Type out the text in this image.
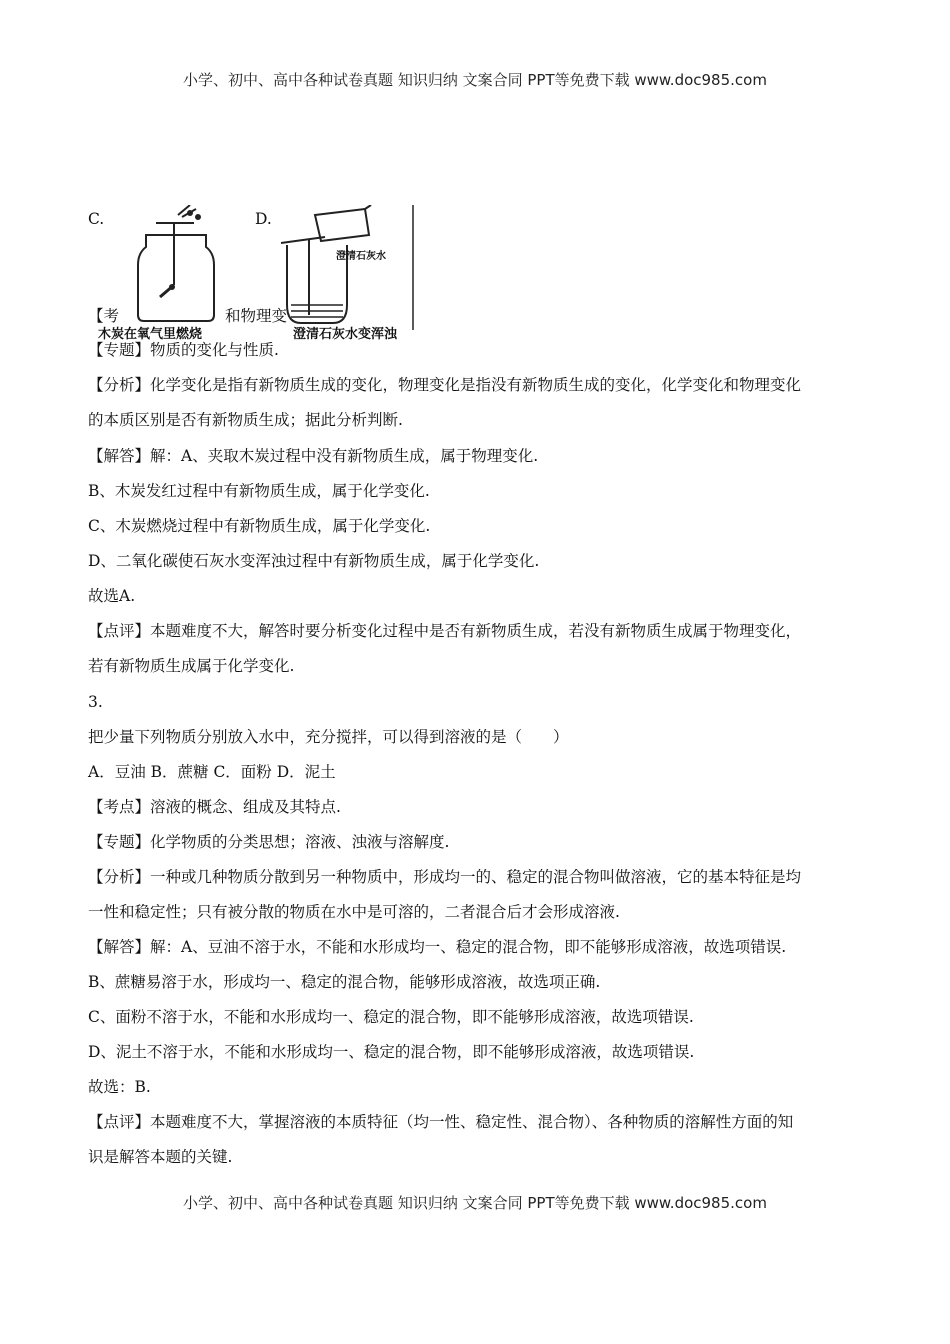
小学、初中、高中各种试卷真题 知识归纳 文案合同 PPT等免费下载 www.doc985.com
C.	D.
木炭在氧气里燃烧
澄清石灰水
澄清石灰水变浑浊
【考	和物理变
【专题】物质的变化与性质.
【分析】化学变化是指有新物质生成的变化，物理变化是指没有新物质生成的变化，化学变化和物理变化
的本质区别是否有新物质生成；据此分析判断.
【解答】解：A、夹取木炭过程中没有新物质生成，属于物理变化.
B、木炭发红过程中有新物质生成，属于化学变化.
C、木炭燃烧过程中有新物质生成，属于化学变化.
D、二氧化碳使石灰水变浑浊过程中有新物质生成，属于化学变化.
故选A.
【点评】本题难度不大，解答时要分析变化过程中是否有新物质生成，若没有新物质生成属于物理变化，
若有新物质生成属于化学变化.
3.
把少量下列物质分别放入水中，充分搅拌，可以得到溶液的是（　　）
A．豆油 B．蔗糖 C．面粉 D．泥土
【考点】溶液的概念、组成及其特点.
【专题】化学物质的分类思想；溶液、浊液与溶解度.
【分析】一种或几种物质分散到另一种物质中，形成均一的、稳定的混合物叫做溶液，它的基本特征是均
一性和稳定性；只有被分散的物质在水中是可溶的，二者混合后才会形成溶液.
【解答】解：A、豆油不溶于水，不能和水形成均一、稳定的混合物，即不能够形成溶液，故选项错误.
B、蔗糖易溶于水，形成均一、稳定的混合物，能够形成溶液，故选项正确.
C、面粉不溶于水，不能和水形成均一、稳定的混合物，即不能够形成溶液，故选项错误.
D、泥土不溶于水，不能和水形成均一、稳定的混合物，即不能够形成溶液，故选项错误.
故选：B.
【点评】本题难度不大，掌握溶液的本质特征（均一性、稳定性、混合物）、各种物质的溶解性方面的知
识是解答本题的关键.
小学、初中、高中各种试卷真题 知识归纳 文案合同 PPT等免费下载 www.doc985.com
